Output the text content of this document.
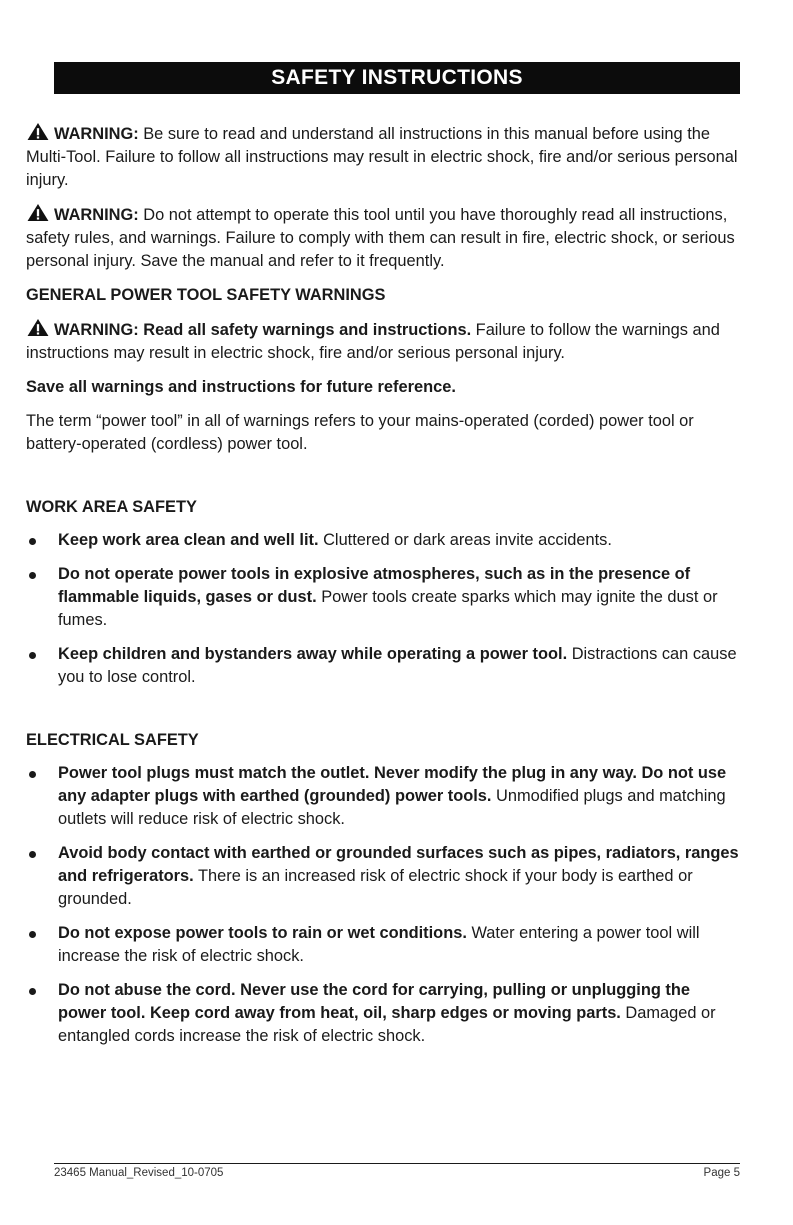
SAFETY INSTRUCTIONS

WARNING: Be sure to read and understand all instructions in this manual before using the Multi-Tool. Failure to follow all instructions may result in electric shock, fire and/or serious personal injury.

WARNING: Do not attempt to operate this tool until you have thoroughly read all instructions, safety rules, and warnings. Failure to comply with them can result in fire, electric shock, or serious personal injury. Save the manual and refer to it frequently.

GENERAL POWER TOOL SAFETY WARNINGS

WARNING: Read all safety warnings and instructions. Failure to follow the warnings and instructions may result in electric shock, fire and/or serious personal injury.

Save all warnings and instructions for future reference.

The term “power tool” in all of warnings refers to your mains-operated (corded) power tool or battery-operated (cordless) power tool.

WORK AREA SAFETY

Keep work area clean and well lit. Cluttered or dark areas invite accidents.
Do not operate power tools in explosive atmospheres, such as in the presence of flammable liquids, gases or dust. Power tools create sparks which may ignite the dust or fumes.
Keep children and bystanders away while operating a power tool. Distractions can cause you to lose control.

ELECTRICAL SAFETY

Power tool plugs must match the outlet. Never modify the plug in any way. Do not use any adapter plugs with earthed (grounded) power tools. Unmodified plugs and matching outlets will reduce risk of electric shock.
Avoid body contact with earthed or grounded surfaces such as pipes, radiators, ranges and refrigerators. There is an increased risk of electric shock if your body is earthed or grounded.
Do not expose power tools to rain or wet conditions. Water entering a power tool will increase the risk of electric shock.
Do not abuse the cord. Never use the cord for carrying, pulling or unplugging the power tool. Keep cord away from heat, oil, sharp edges or moving parts. Damaged or entangled cords increase the risk of electric shock.
23465 Manual_Revised_10-0705	Page 5
